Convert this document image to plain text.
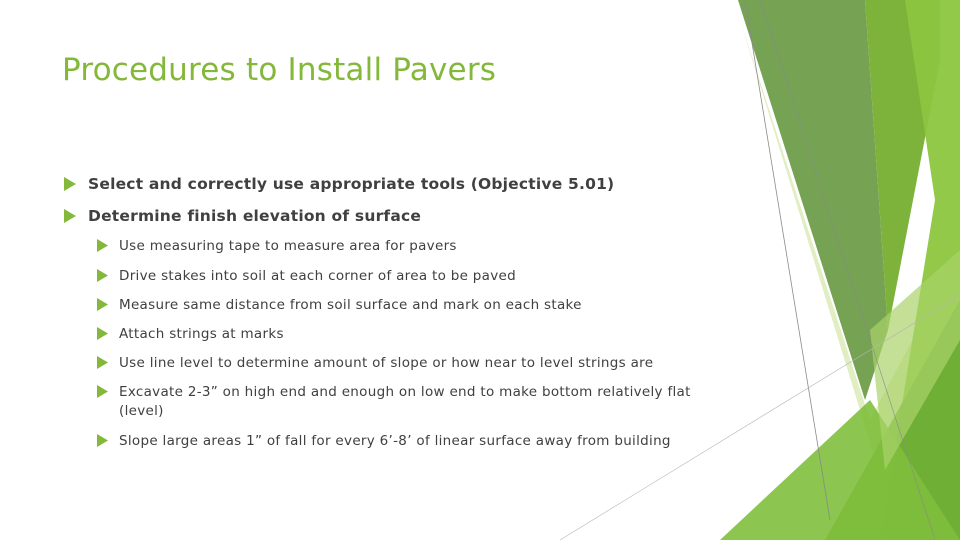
Procedures to Install Pavers
Select and correctly use appropriate tools (Objective 5.01)
Determine finish elevation of surface
Use measuring tape to measure area for pavers
Drive stakes into soil at each corner of area to be paved
Measure same distance from soil surface and mark on each stake
Attach strings at marks
Use line level to determine amount of slope or how near to level strings are
Excavate 2-3” on high end and enough on low end to make bottom relatively flat (level)
Slope large areas 1” of fall for every 6’-8’ of linear surface away from building
